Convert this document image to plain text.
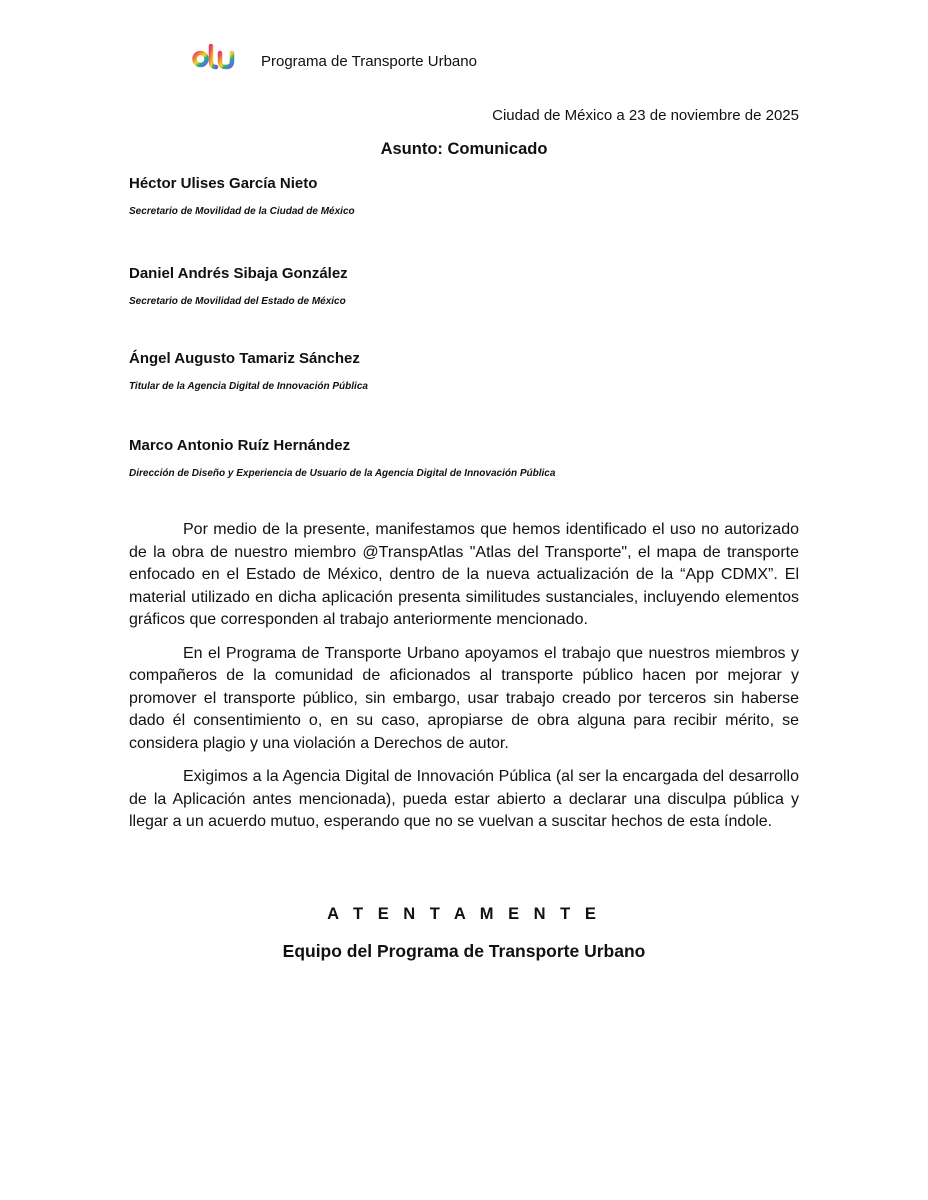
Programa de Transporte Urbano
Ciudad de México a 23 de noviembre de 2025
Asunto: Comunicado
Héctor Ulises García Nieto
Secretario de Movilidad de la Ciudad de México
Daniel Andrés Sibaja González
Secretario de Movilidad del Estado de México
Ángel Augusto Tamariz Sánchez
Titular de la Agencia Digital de Innovación Pública
Marco Antonio Ruíz Hernández
Dirección de Diseño y Experiencia de Usuario de la Agencia Digital de Innovación Pública

Por medio de la presente, manifestamos que hemos identificado el uso no autorizado de la obra de nuestro miembro @TranspAtlas "Atlas del Transporte", el mapa de transporte enfocado en el Estado de México, dentro de la nueva actualización de la “App CDMX”. El material utilizado en dicha aplicación presenta similitudes sustanciales, incluyendo elementos gráficos que corresponden al trabajo anteriormente mencionado.

En el Programa de Transporte Urbano apoyamos el trabajo que nuestros miembros y compañeros de la comunidad de aficionados al transporte público hacen por mejorar y promover el transporte público, sin embargo, usar trabajo creado por terceros sin haberse dado él consentimiento o, en su caso, apropiarse de obra alguna para recibir mérito, se considera plagio y una violación a Derechos de autor.

Exigimos a la Agencia Digital de Innovación Pública (al ser la encargada del desarrollo de la Aplicación antes mencionada), pueda estar abierto a declarar una disculpa pública y llegar a un acuerdo mutuo, esperando que no se vuelvan a suscitar hechos de esta índole.

A T E N T A M E N T E
Equipo del Programa de Transporte Urbano
